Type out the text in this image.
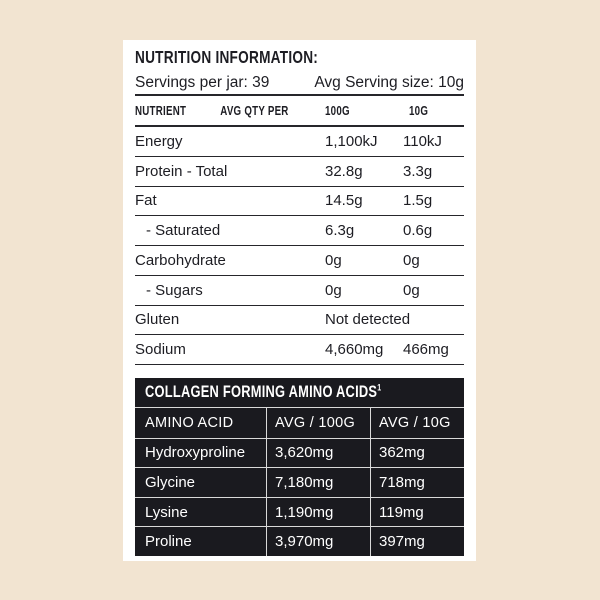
NUTRITION INFORMATION:
Servings per jar: 39	Avg Serving size: 10g
NUTRIENT	AVG QTY PER	100G	10G
Energy	1,100kJ	110kJ
Protein - Total	32.8g	3.3g
Fat	14.5g	1.5g
- Saturated	6.3g	0.6g
Carbohydrate	0g	0g
- Sugars	0g	0g
Gluten	Not detected
Sodium	4,660mg	466mg
COLLAGEN FORMING AMINO ACIDS$^1$
AMINO ACID	AVG / 100G	AVG / 10G
Hydroxyproline	3,620mg	362mg
Glycine	7,180mg	718mg
Lysine	1,190mg	119mg
Proline	3,970mg	397mg
